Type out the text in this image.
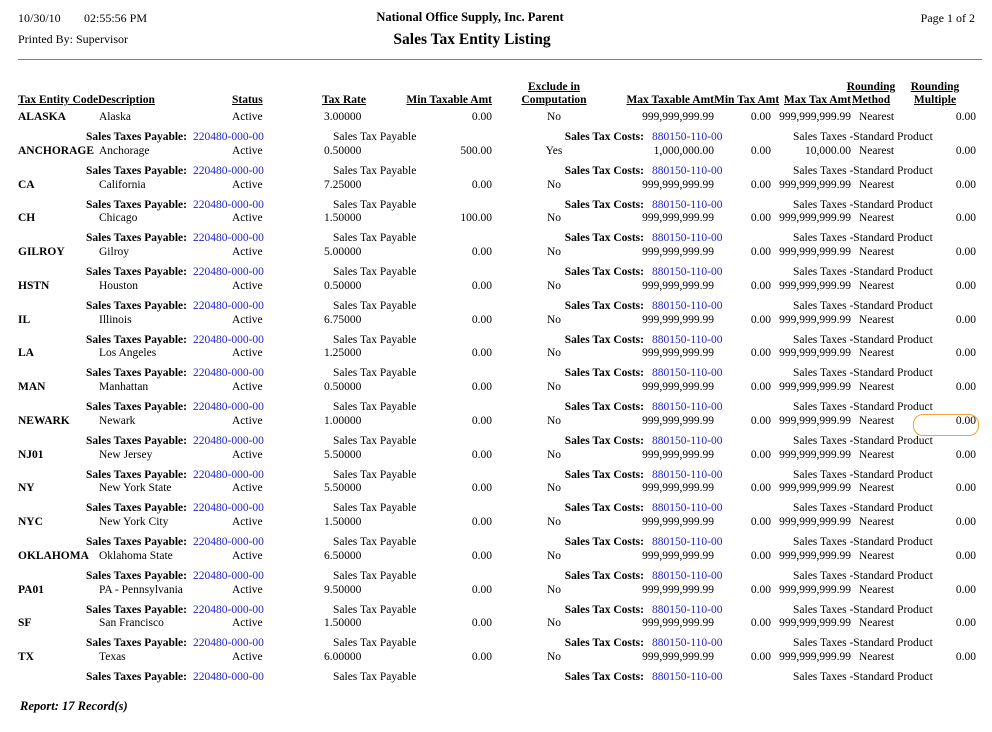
10/30/10 02:55:56 PM
Printed By: Supervisor
National Office Supply, Inc. Parent
Sales Tax Entity Listing
Page 1 of 2
Tax Entity Code Description	Status	Tax Rate	Min Taxable Amt
Exclude in
Computation	Max Taxable Amt Min Tax Amt Max Tax Amt
Rounding
Method
Rounding
Multiple
ALASKA	Alaska	Active	3.00000	0.00	No	999,999,999.99	0.00 999,999,999.99 Nearest	0.00
Sales Taxes Payable: 220480-000-00	Sales Tax Payable	Sales Tax Costs: 880150-110-00	Sales Taxes -Standard Product
ANCHORAGE Anchorage	Active	0.50000	500.00	Yes	1,000,000.00	0.00	10,000.00 Nearest	0.00
Sales Taxes Payable: 220480-000-00	Sales Tax Payable	Sales Tax Costs: 880150-110-00	Sales Taxes -Standard Product
CA	California	Active	7.25000	0.00	No	999,999,999.99	0.00 999,999,999.99 Nearest	0.00
Sales Taxes Payable: 220480-000-00	Sales Tax Payable	Sales Tax Costs: 880150-110-00	Sales Taxes -Standard Product
CH	Chicago	Active	1.50000	100.00	No	999,999,999.99	0.00 999,999,999.99 Nearest	0.00
Sales Taxes Payable: 220480-000-00	Sales Tax Payable	Sales Tax Costs: 880150-110-00	Sales Taxes -Standard Product
GILROY	Gilroy	Active	5.00000	0.00	No	999,999,999.99	0.00 999,999,999.99 Nearest	0.00
Sales Taxes Payable: 220480-000-00	Sales Tax Payable	Sales Tax Costs: 880150-110-00	Sales Taxes -Standard Product
HSTN	Houston	Active	0.50000	0.00	No	999,999,999.99	0.00 999,999,999.99 Nearest	0.00
Sales Taxes Payable: 220480-000-00	Sales Tax Payable	Sales Tax Costs: 880150-110-00	Sales Taxes -Standard Product
IL	Illinois	Active	6.75000	0.00	No	999,999,999.99	0.00 999,999,999.99 Nearest	0.00
Sales Taxes Payable: 220480-000-00	Sales Tax Payable	Sales Tax Costs: 880150-110-00	Sales Taxes -Standard Product
LA	Los Angeles	Active	1.25000	0.00	No	999,999,999.99	0.00 999,999,999.99 Nearest	0.00
Sales Taxes Payable: 220480-000-00	Sales Tax Payable	Sales Tax Costs: 880150-110-00	Sales Taxes -Standard Product
MAN	Manhattan	Active	0.50000	0.00	No	999,999,999.99	0.00 999,999,999.99 Nearest	0.00
Sales Taxes Payable: 220480-000-00	Sales Tax Payable	Sales Tax Costs: 880150-110-00	Sales Taxes -Standard Product
NEWARK	Newark	Active	1.00000	0.00	No	999,999,999.99	0.00 999,999,999.99 Nearest	0.00
Sales Taxes Payable: 220480-000-00	Sales Tax Payable	Sales Tax Costs: 880150-110-00	Sales Taxes -Standard Product
NJ01	New Jersey	Active	5.50000	0.00	No	999,999,999.99	0.00 999,999,999.99 Nearest	0.00
Sales Taxes Payable: 220480-000-00	Sales Tax Payable	Sales Tax Costs: 880150-110-00	Sales Taxes -Standard Product
NY	New York State	Active	5.50000	0.00	No	999,999,999.99	0.00 999,999,999.99 Nearest	0.00
Sales Taxes Payable: 220480-000-00	Sales Tax Payable	Sales Tax Costs: 880150-110-00	Sales Taxes -Standard Product
NYC	New York City	Active	1.50000	0.00	No	999,999,999.99	0.00 999,999,999.99 Nearest	0.00
Sales Taxes Payable: 220480-000-00	Sales Tax Payable	Sales Tax Costs: 880150-110-00	Sales Taxes -Standard Product
OKLAHOMA Oklahoma State	Active	6.50000	0.00	No	999,999,999.99	0.00 999,999,999.99 Nearest	0.00
Sales Taxes Payable: 220480-000-00	Sales Tax Payable	Sales Tax Costs: 880150-110-00	Sales Taxes -Standard Product
PA01	PA - Pennsylvania	Active	9.50000	0.00	No	999,999,999.99	0.00 999,999,999.99 Nearest	0.00
Sales Taxes Payable: 220480-000-00	Sales Tax Payable	Sales Tax Costs: 880150-110-00	Sales Taxes -Standard Product
SF	San Francisco	Active	1.50000	0.00	No	999,999,999.99	0.00 999,999,999.99 Nearest	0.00
Sales Taxes Payable: 220480-000-00	Sales Tax Payable	Sales Tax Costs: 880150-110-00	Sales Taxes -Standard Product
TX	Texas	Active	6.00000	0.00	No	999,999,999.99	0.00 999,999,999.99 Nearest	0.00
Sales Taxes Payable: 220480-000-00	Sales Tax Payable	Sales Tax Costs: 880150-110-00	Sales Taxes -Standard Product
Report: 17 Record(s)
